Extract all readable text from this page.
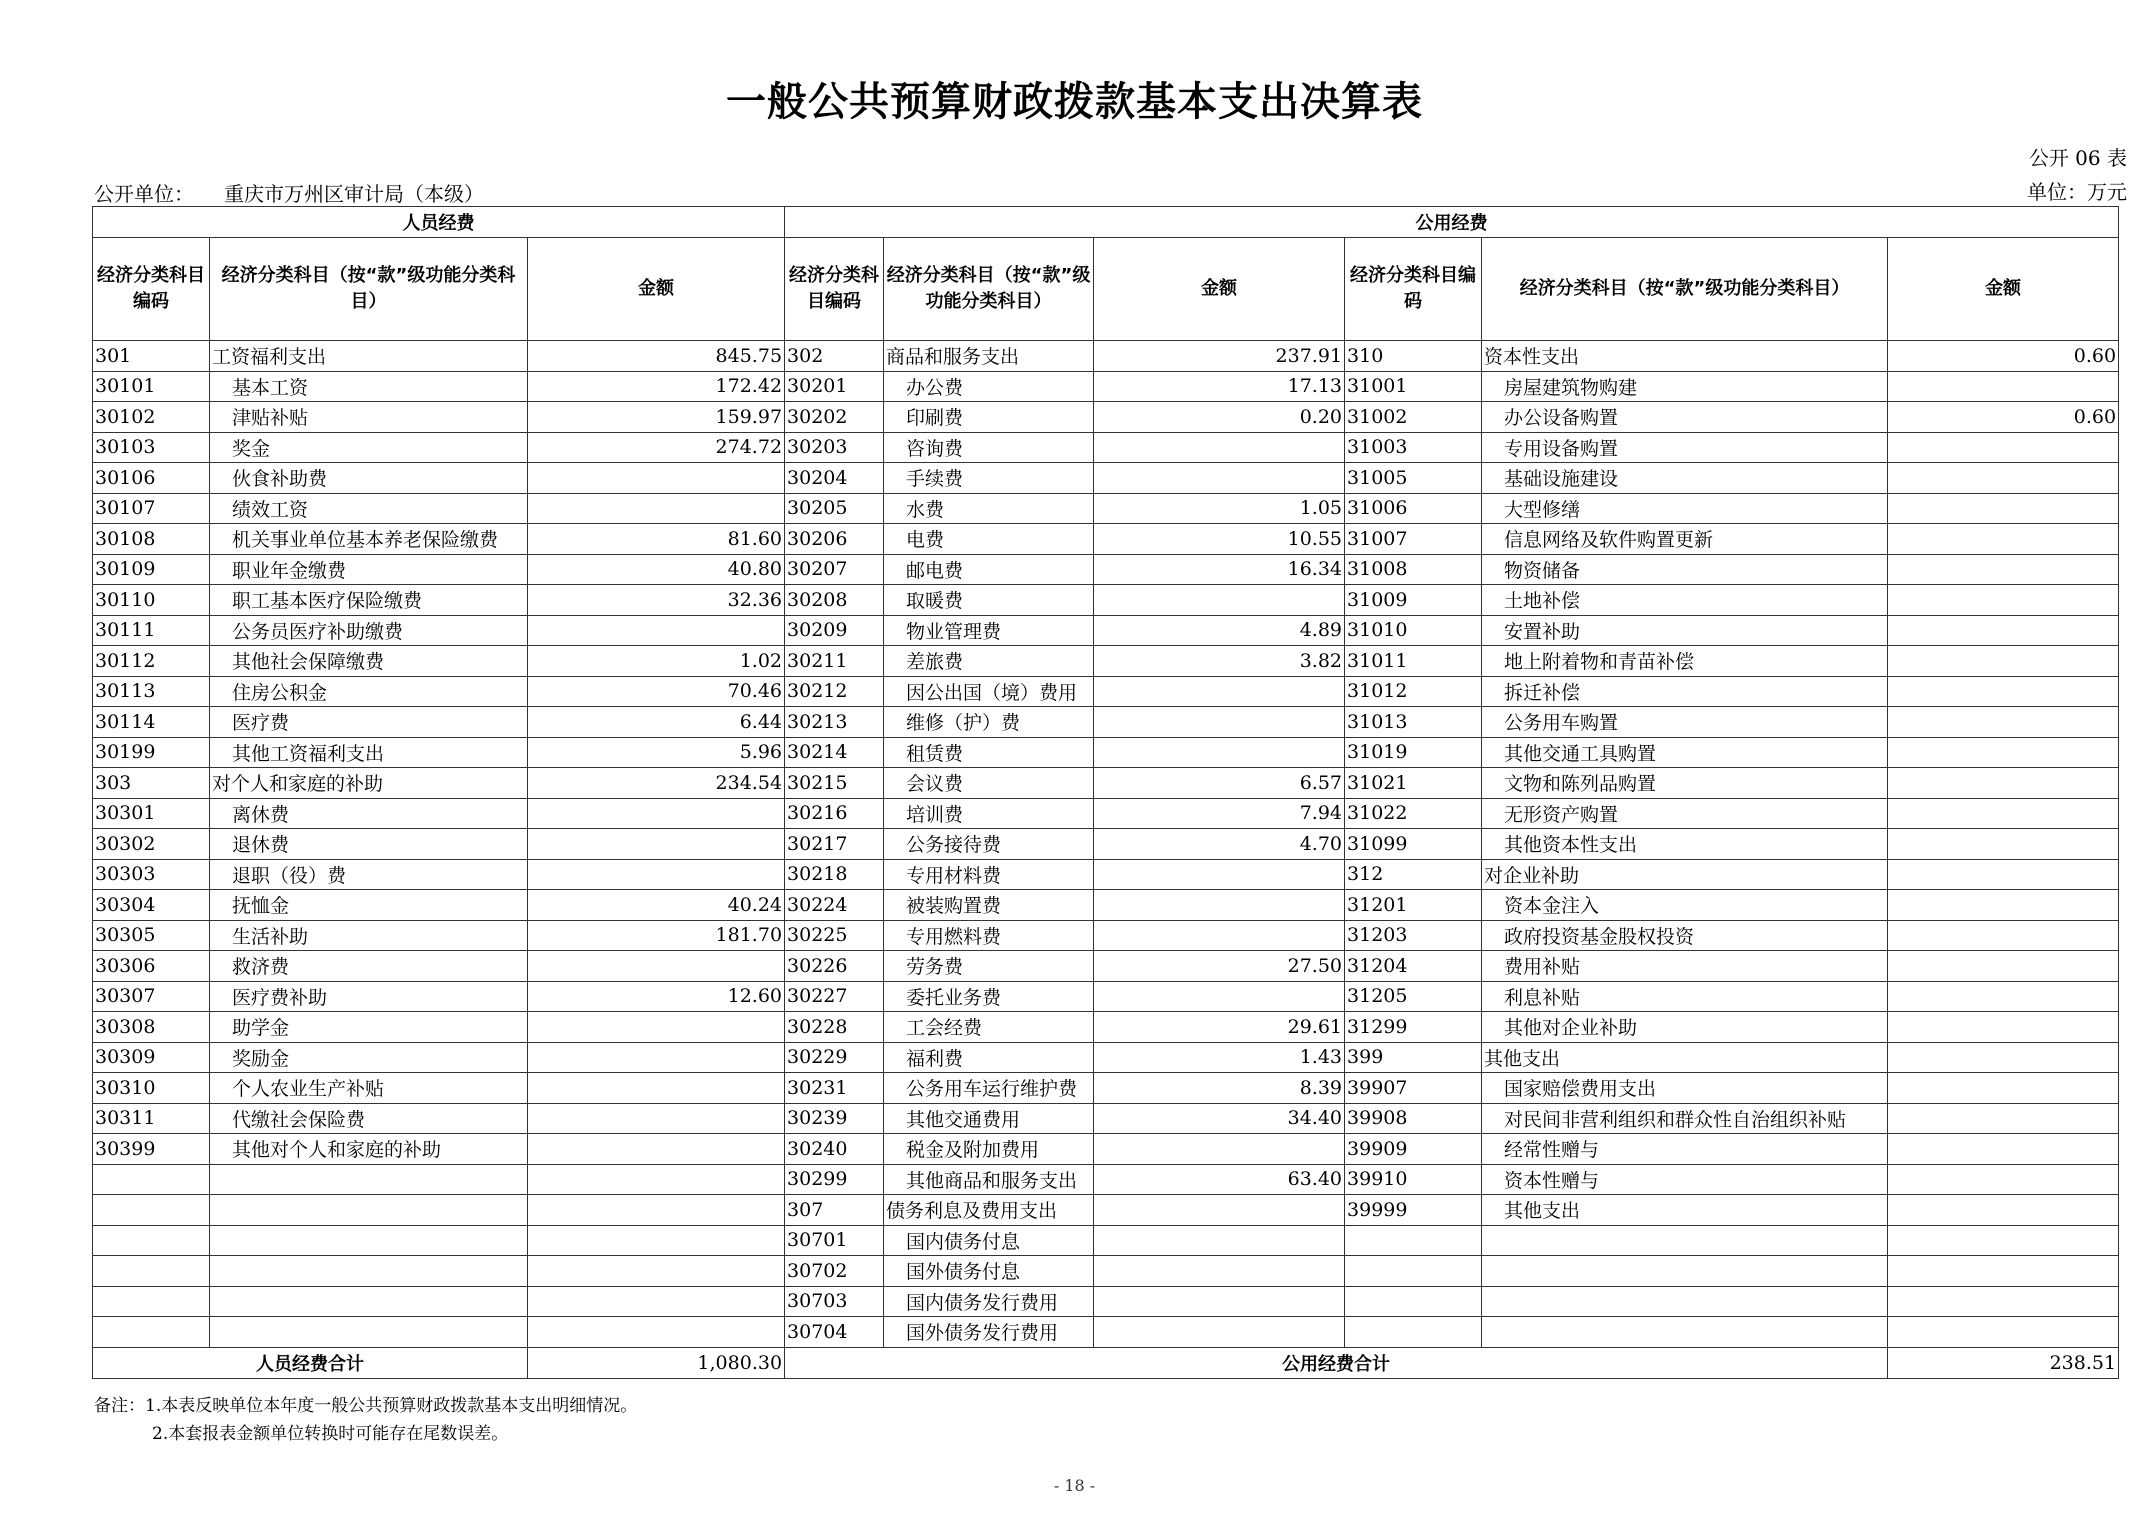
一般公共预算财政拨款基本支出决算表
公开 06 表
公开单位： 重庆市万州区审计局（本级）	单位：万元
人员经费			公用经费					
经济分类科目编码	经济分类科目（按“款”级功能分类科目）	金额	经济分类科目编码	经济分类科目（按“款”级功能分类科目）	金额	经济分类科目编码	经济分类科目（按“款”级功能分类科目）	金额
301	工资福利支出	845.75	302	商品和服务支出	237.91	310	资本性支出	0.60
30101	基本工资	172.42	30201	办公费	17.13	31001	房屋建筑物购建	
30102	津贴补贴	159.97	30202	印刷费	0.20	31002	办公设备购置	0.60
30103	奖金	274.72	30203	咨询费		31003	专用设备购置	
30106	伙食补助费		30204	手续费		31005	基础设施建设	
30107	绩效工资		30205	水费	1.05	31006	大型修缮	
30108	机关事业单位基本养老保险缴费	81.60	30206	电费	10.55	31007	信息网络及软件购置更新	
30109	职业年金缴费	40.80	30207	邮电费	16.34	31008	物资储备	
30110	职工基本医疗保险缴费	32.36	30208	取暖费		31009	土地补偿	
30111	公务员医疗补助缴费		30209	物业管理费	4.89	31010	安置补助	
30112	其他社会保障缴费	1.02	30211	差旅费	3.82	31011	地上附着物和青苗补偿	
30113	住房公积金	70.46	30212	因公出国（境）费用		31012	拆迁补偿	
30114	医疗费	6.44	30213	维修（护）费		31013	公务用车购置	
30199	其他工资福利支出	5.96	30214	租赁费		31019	其他交通工具购置	
303	对个人和家庭的补助	234.54	30215	会议费	6.57	31021	文物和陈列品购置	
30301	离休费		30216	培训费	7.94	31022	无形资产购置	
30302	退休费		30217	公务接待费	4.70	31099	其他资本性支出	
30303	退职（役）费		30218	专用材料费		312	对企业补助	
30304	抚恤金	40.24	30224	被装购置费		31201	资本金注入	
30305	生活补助	181.70	30225	专用燃料费		31203	政府投资基金股权投资	
30306	救济费		30226	劳务费	27.50	31204	费用补贴	
30307	医疗费补助	12.60	30227	委托业务费		31205	利息补贴	
30308	助学金		30228	工会经费	29.61	31299	其他对企业补助	
30309	奖励金		30229	福利费	1.43	399	其他支出	
30310	个人农业生产补贴		30231	公务用车运行维护费	8.39	39907	国家赔偿费用支出	
30311	代缴社会保险费		30239	其他交通费用	34.40	39908	对民间非营利组织和群众性自治组织补贴	
30399	其他对个人和家庭的补助		30240	税金及附加费用		39909	经常性赠与	
			30299	其他商品和服务支出	63.40	39910	资本性赠与	
			307	债务利息及费用支出		39999	其他支出	
			30701	国内债务付息				
			30702	国外债务付息				
			30703	国内债务发行费用				
			30704	国外债务发行费用				
人员经费合计		1,080.30	公用经费合计					238.51
备注：1.本表反映单位本年度一般公共预算财政拨款基本支出明细情况。
2.本套报表金额单位转换时可能存在尾数误差。
- 18 -
